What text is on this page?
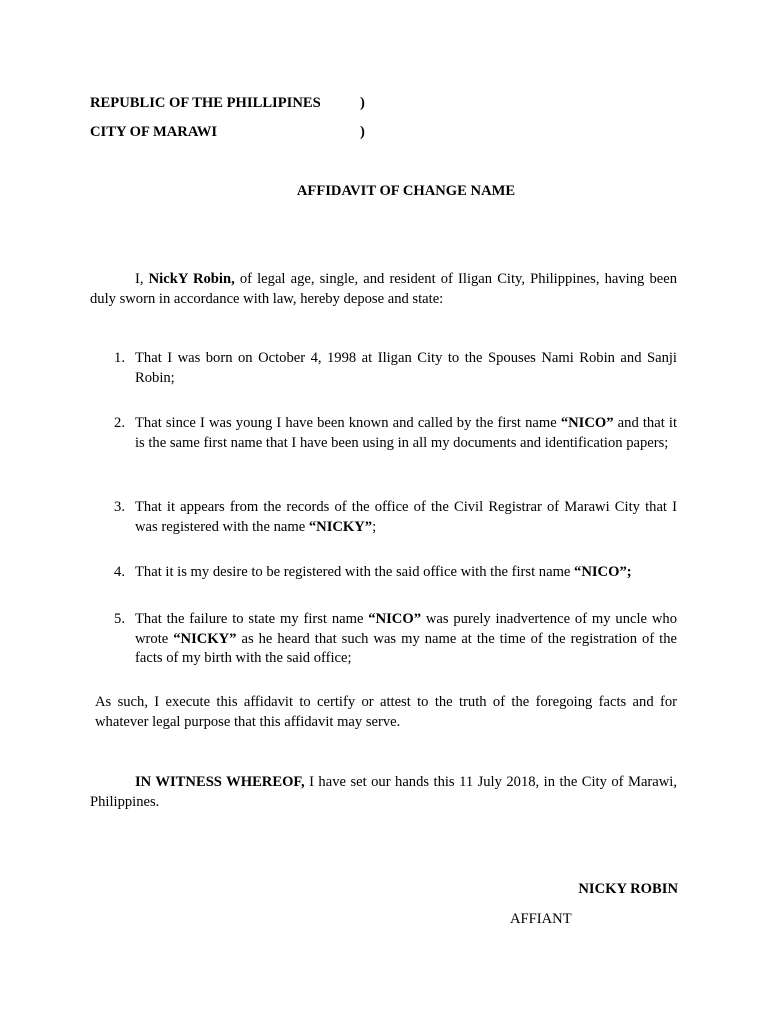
REPUBLIC OF THE PHILLIPINES	)
CITY OF MARAWI	)
AFFIDAVIT OF CHANGE NAME
I, NickY Robin, of legal age, single, and resident of Iligan City, Philippines, having been duly sworn in accordance with law, hereby depose and state:
1. That I was born on October 4, 1998 at Iligan City to the Spouses Nami Robin and Sanji Robin;
2. That since I was young I have been known and called by the first name “NICO” and that it is the same first name that I have been using in all my documents and identification papers;
3. That it appears from the records of the office of the Civil Registrar of Marawi City that I was registered with the name “NICKY”;
4. That it is my desire to be registered with the said office with the first name “NICO”;
5. That the failure to state my first name “NICO” was purely inadvertence of my uncle who wrote “NICKY” as he heard that such was my name at the time of the registration of the facts of my birth with the said office;
As such, I execute this affidavit to certify or attest to the truth of the foregoing facts and for whatever legal purpose that this affidavit may serve.
IN WITNESS WHEREOF, I have set our hands this 11 July 2018, in the City of Marawi, Philippines.
NICKY ROBIN
AFFIANT
